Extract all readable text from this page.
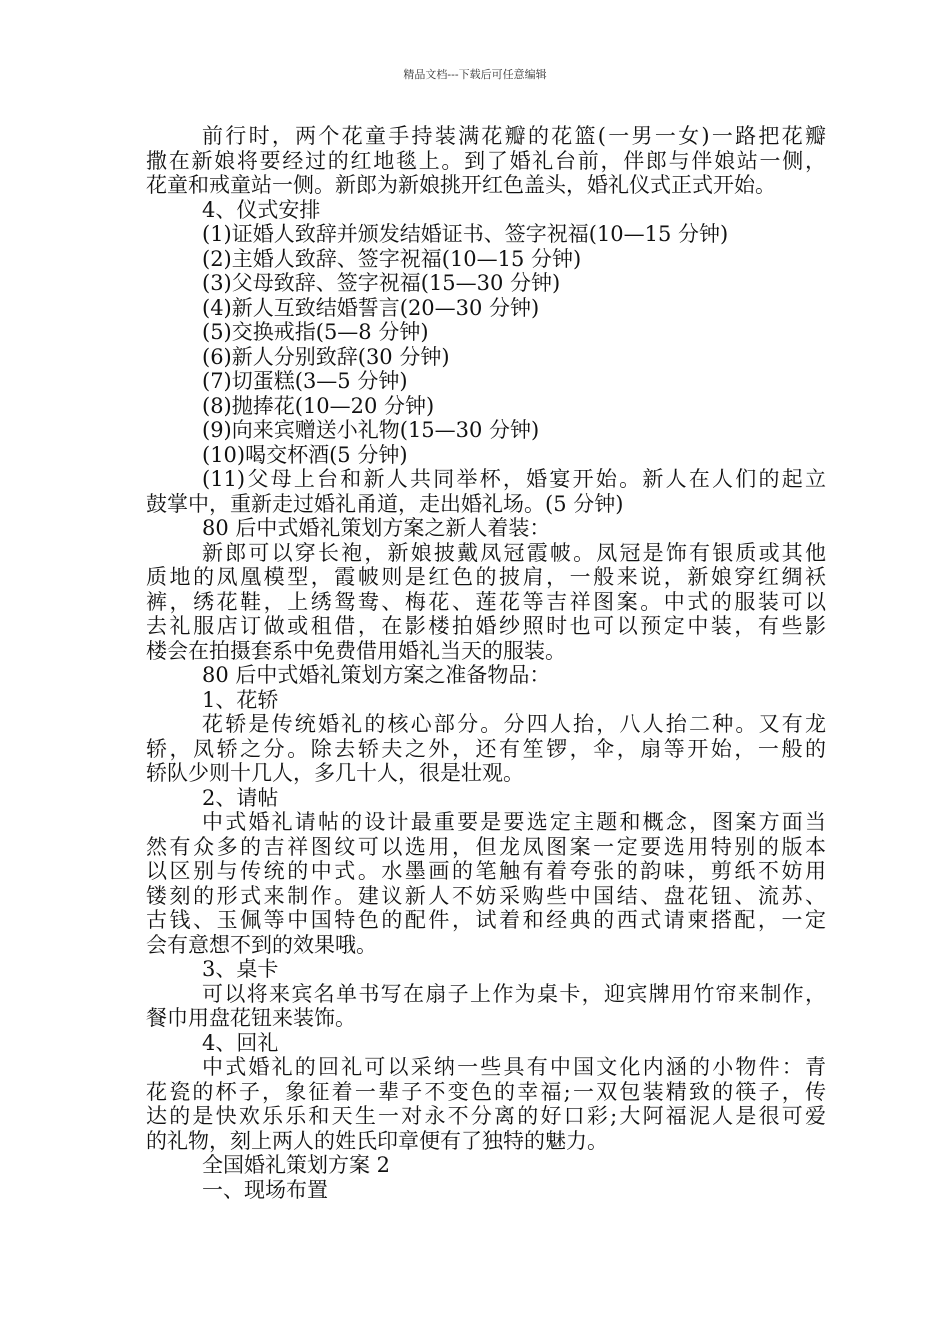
精品文档---下载后可任意编辑
前行时，两个花童手持装满花瓣的花篮(一男一女)一路把花瓣
撒在新娘将要经过的红地毯上。到了婚礼台前，伴郎与伴娘站一侧，
花童和戒童站一侧。新郎为新娘挑开红色盖头，婚礼仪式正式开始。
4、仪式安排
(1)证婚人致辞并颁发结婚证书、签字祝福(10—15 分钟)
(2)主婚人致辞、签字祝福(10—15 分钟)
(3)父母致辞、签字祝福(15—30 分钟)
(4)新人互致结婚誓言(20—30 分钟)
(5)交换戒指(5—8 分钟)
(6)新人分别致辞(30 分钟)
(7)切蛋糕(3—5 分钟)
(8)抛捧花(10—20 分钟)
(9)向来宾赠送小礼物(15—30 分钟)
(10)喝交杯酒(5 分钟)
(11)父母上台和新人共同举杯，婚宴开始。新人在人们的起立
鼓掌中，重新走过婚礼甬道，走出婚礼场。(5 分钟)
80 后中式婚礼策划方案之新人着装：
新郎可以穿长袍，新娘披戴凤冠霞帔。凤冠是饰有银质或其他
质地的凤凰模型，霞帔则是红色的披肩，一般来说，新娘穿红绸袄
裤，绣花鞋，上绣鸳鸯、梅花、莲花等吉祥图案。中式的服装可以
去礼服店订做或租借，在影楼拍婚纱照时也可以预定中装，有些影
楼会在拍摄套系中免费借用婚礼当天的服装。
80 后中式婚礼策划方案之准备物品：
1、花轿
花轿是传统婚礼的核心部分。分四人抬，八人抬二种。又有龙
轿，凤轿之分。除去轿夫之外，还有笙锣，伞，扇等开始，一般的
轿队少则十几人，多几十人，很是壮观。
2、请帖
中式婚礼请帖的设计最重要是要选定主题和概念，图案方面当
然有众多的吉祥图纹可以选用，但龙凤图案一定要选用特别的版本
以区别与传统的中式。水墨画的笔触有着夸张的韵味，剪纸不妨用
镂刻的形式来制作。建议新人不妨采购些中国结、盘花钮、流苏、
古钱、玉佩等中国特色的配件，试着和经典的西式请柬搭配，一定
会有意想不到的效果哦。
3、桌卡
可以将来宾名单书写在扇子上作为桌卡，迎宾牌用竹帘来制作，
餐巾用盘花钮来装饰。
4、回礼
中式婚礼的回礼可以采纳一些具有中国文化内涵的小物件：青
花瓷的杯子，象征着一辈子不变色的幸福;一双包装精致的筷子，传
达的是快欢乐乐和天生一对永不分离的好口彩;大阿福泥人是很可爱
的礼物，刻上两人的姓氏印章便有了独特的魅力。
全国婚礼策划方案 2
一、现场布置
